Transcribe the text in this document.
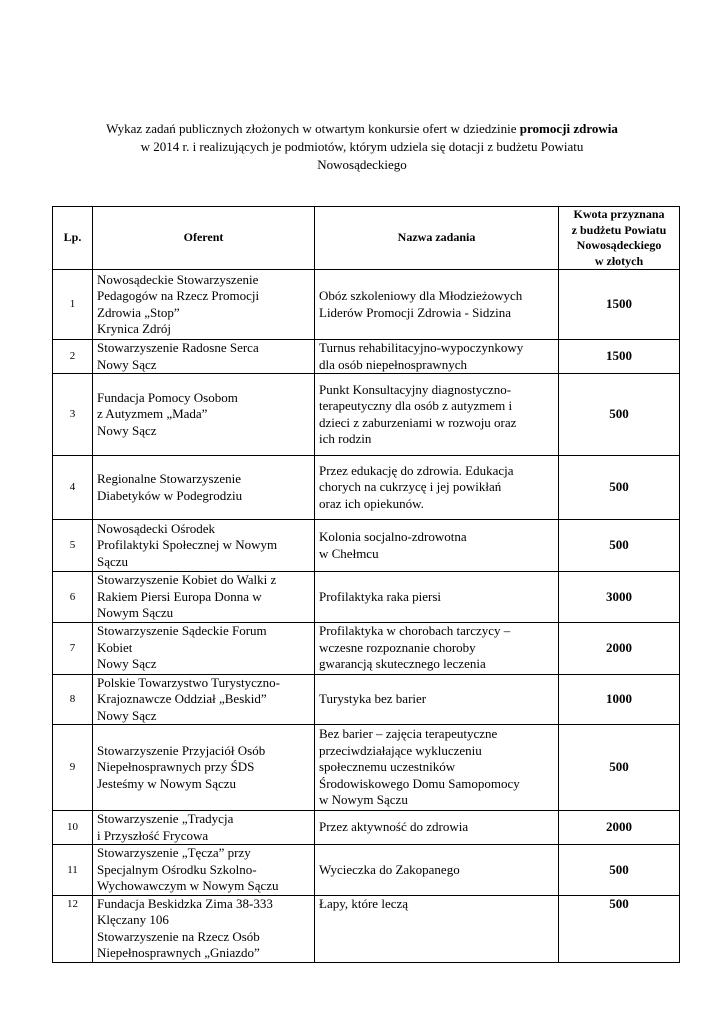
Wykaz zadań publicznych złożonych w otwartym konkursie ofert w dziedzinie promocji zdrowia
w 2014 r. i realizujących je podmiotów, którym udziela się dotacji z budżetu Powiatu
Nowosądeckiego
Lp.	Oferent	Nazwa zadania	Kwota przyznana
z budżetu Powiatu
Nowosądeckiego
w złotych

1	Nowosądeckie Stowarzyszenie
Pedagogów na Rzecz Promocji
Zdrowia „Stop”
Krynica Zdrój	Obóz szkoleniowy dla Młodzieżowych
Liderów Promocji Zdrowia - Sidzina	1500

2	Stowarzyszenie Radosne Serca
Nowy Sącz	Turnus rehabilitacyjno-wypoczynkowy
dla osób niepełnosprawnych	1500

3	Fundacja Pomocy Osobom
z Autyzmem „Mada”
Nowy Sącz	Punkt Konsultacyjny diagnostyczno-
terapeutyczny dla osób z autyzmem i
dzieci z zaburzeniami w rozwoju oraz
ich rodzin	500

4	Regionalne Stowarzyszenie
Diabetyków w Podegrodziu	Przez edukację do zdrowia. Edukacja
chorych na cukrzycę i jej powikłań
oraz ich opiekunów.	500

5	Nowosądecki Ośrodek
Profilaktyki Społecznej w Nowym
Sączu	Kolonia socjalno-zdrowotna
w Chełmcu	500

6	Stowarzyszenie Kobiet do Walki z
Rakiem Piersi Europa Donna w
Nowym Sączu	Profilaktyka raka piersi	3000

7	Stowarzyszenie Sądeckie Forum
Kobiet
Nowy Sącz	Profilaktyka w chorobach tarczycy –
wczesne rozpoznanie choroby
gwarancją skutecznego leczenia	2000

8	Polskie Towarzystwo Turystyczno-
Krajoznawcze Oddział „Beskid”
Nowy Sącz	Turystyka bez barier	1000

9	Stowarzyszenie Przyjaciół Osób
Niepełnosprawnych przy ŚDS
Jesteśmy w Nowym Sączu	Bez barier – zajęcia terapeutyczne
przeciwdziałające wykluczeniu
społecznemu uczestników
Środowiskowego Domu Samopomocy
w Nowym Sączu	500

10	Stowarzyszenie „Tradycja
i Przyszłość Frycowa	Przez aktywność do zdrowia	2000

11	Stowarzyszenie „Tęcza” przy
Specjalnym Ośrodku Szkolno-
Wychowawczym w Nowym Sączu	Wycieczka do Zakopanego	500

12	Fundacja Beskidzka Zima 38-333
Klęczany 106
Stowarzyszenie na Rzecz Osób
Niepełnosprawnych „Gniazdo”	Łapy, które leczą	500
